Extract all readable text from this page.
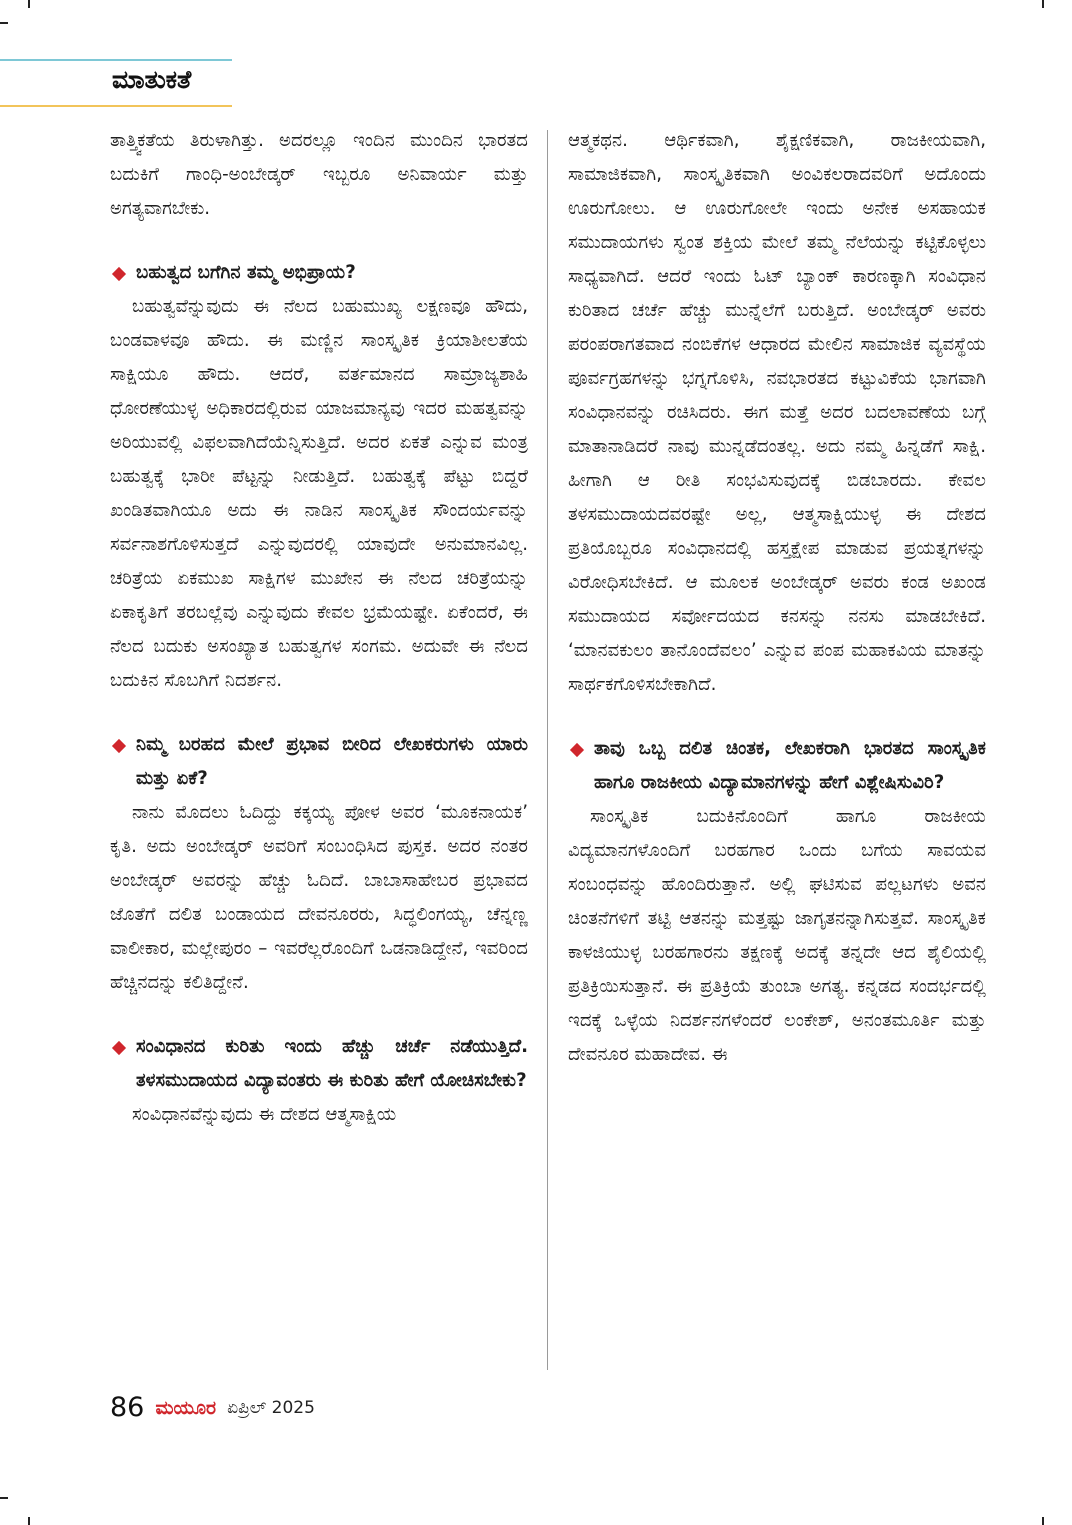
ಮಾತುಕತೆ

ತಾತ್ತ್ವಿಕತೆಯ ತಿರುಳಾಗಿತ್ತು. ಅದರಲ್ಲೂ ಇಂದಿನ ಮುಂದಿನ ಭಾರತದ ಬದುಕಿಗೆ ಗಾಂಧಿ-ಅಂಬೇಡ್ಕರ್ ಇಬ್ಬರೂ ಅನಿವಾರ್ಯ ಮತ್ತು ಅಗತ್ಯವಾಗಬೇಕು.

ಬಹುತ್ವದ ಬಗೆಗಿನ ತಮ್ಮ ಅಭಿಪ್ರಾಯ?

ಬಹುತ್ವವೆನ್ನುವುದು ಈ ನೆಲದ ಬಹುಮುಖ್ಯ ಲಕ್ಷಣವೂ ಹೌದು, ಬಂಡವಾಳವೂ ಹೌದು. ಈ ಮಣ್ಣಿನ ಸಾಂಸ್ಕೃತಿಕ ಕ್ರಿಯಾಶೀಲತೆಯ ಸಾಕ್ಷಿಯೂ ಹೌದು. ಆದರೆ, ವರ್ತಮಾನದ ಸಾಮ್ರಾಜ್ಯಶಾಹಿ ಧೋರಣೆಯುಳ್ಳ ಅಧಿಕಾರದಲ್ಲಿರುವ ಯಾಜಮಾನ್ಯವು ಇದರ ಮಹತ್ವವನ್ನು ಅರಿಯುವಲ್ಲಿ ವಿಫಲವಾಗಿದೆಯೆನ್ನಿಸುತ್ತಿದೆ. ಅದರ ಏಕತೆ ಎನ್ನುವ ಮಂತ್ರ ಬಹುತ್ವಕ್ಕೆ ಭಾರೀ ಪೆಟ್ಟನ್ನು ನೀಡುತ್ತಿದೆ. ಬಹುತ್ವಕ್ಕೆ ಪೆಟ್ಟು ಬಿದ್ದರೆ ಖಂಡಿತವಾಗಿಯೂ ಅದು ಈ ನಾಡಿನ ಸಾಂಸ್ಕೃತಿಕ ಸೌಂದರ್ಯವನ್ನು ಸರ್ವನಾಶಗೊಳಿಸುತ್ತದೆ ಎನ್ನುವುದರಲ್ಲಿ ಯಾವುದೇ ಅನುಮಾನವಿಲ್ಲ. ಚರಿತ್ರೆಯ ಏಕಮುಖ ಸಾಕ್ಷಿಗಳ ಮುಖೇನ ಈ ನೆಲದ ಚರಿತ್ರೆಯನ್ನು ಏಕಾಕೃತಿಗೆ ತರಬಲ್ಲೆವು ಎನ್ನುವುದು ಕೇವಲ ಭ್ರಮೆಯಷ್ಟೇ. ಏಕೆಂದರೆ, ಈ ನೆಲದ ಬದುಕು ಅಸಂಖ್ಯಾತ ಬಹುತ್ವಗಳ ಸಂಗಮ. ಅದುವೇ ಈ ನೆಲದ ಬದುಕಿನ ಸೊಬಗಿಗೆ ನಿದರ್ಶನ.

ನಿಮ್ಮ ಬರಹದ ಮೇಲೆ ಪ್ರಭಾವ ಬೀರಿದ ಲೇಖಕರುಗಳು ಯಾರು ಮತ್ತು ಏಕೆ?

ನಾನು ಮೊದಲು ಓದಿದ್ದು ಕಕ್ಕಯ್ಯ ಪೋಳ ಅವರ ‘ಮೂಕನಾಯಕ’ ಕೃತಿ. ಅದು ಅಂಬೇಡ್ಕರ್ ಅವರಿಗೆ ಸಂಬಂಧಿಸಿದ ಪುಸ್ತಕ. ಅದರ ನಂತರ ಅಂಬೇಡ್ಕರ್ ಅವರನ್ನು ಹೆಚ್ಚು ಓದಿದೆ. ಬಾಬಾಸಾಹೇಬರ ಪ್ರಭಾವದ ಜೊತೆಗೆ ದಲಿತ ಬಂಡಾಯದ ದೇವನೂರರು, ಸಿದ್ಧಲಿಂಗಯ್ಯ, ಚೆನ್ನಣ್ಣ ವಾಲೀಕಾರ, ಮಲ್ಲೇಪುರಂ – ಇವರೆಲ್ಲರೊಂದಿಗೆ ಒಡನಾಡಿದ್ದೇನೆ, ಇವರಿಂದ ಹೆಚ್ಚಿನದನ್ನು ಕಲಿತಿದ್ದೇನೆ.

ಸಂವಿಧಾನದ ಕುರಿತು ಇಂದು ಹೆಚ್ಚು ಚರ್ಚೆ ನಡೆಯುತ್ತಿದೆ. ತಳಸಮುದಾಯದ ವಿದ್ಯಾವಂತರು ಈ ಕುರಿತು ಹೇಗೆ ಯೋಚಿಸಬೇಕು?

ಸಂವಿಧಾನವೆನ್ನುವುದು ಈ ದೇಶದ ಆತ್ಮಸಾಕ್ಷಿಯ

ಆತ್ಮಕಥನ. ಆರ್ಥಿಕವಾಗಿ, ಶೈಕ್ಷಣಿಕವಾಗಿ, ರಾಜಕೀಯವಾಗಿ, ಸಾಮಾಜಿಕವಾಗಿ, ಸಾಂಸ್ಕೃತಿಕವಾಗಿ ಅಂವಿಕಲರಾದವರಿಗೆ ಅದೊಂದು ಊರುಗೋಲು. ಆ ಊರುಗೋಲೇ ಇಂದು ಅನೇಕ ಅಸಹಾಯಕ ಸಮುದಾಯಗಳು ಸ್ವಂತ ಶಕ್ತಿಯ ಮೇಲೆ ತಮ್ಮ ನೆಲೆಯನ್ನು ಕಟ್ಟಿಕೊಳ್ಳಲು ಸಾಧ್ಯವಾಗಿದೆ. ಆದರೆ ಇಂದು ಓಟ್ ಬ್ಯಾಂಕ್ ಕಾರಣಕ್ಕಾಗಿ ಸಂವಿಧಾನ ಕುರಿತಾದ ಚರ್ಚೆ ಹೆಚ್ಚು ಮುನ್ನೆಲೆಗೆ ಬರುತ್ತಿದೆ. ಅಂಬೇಡ್ಕರ್ ಅವರು ಪರಂಪರಾಗತವಾದ ನಂಬಿಕೆಗಳ ಆಧಾರದ ಮೇಲಿನ ಸಾಮಾಜಿಕ ವ್ಯವಸ್ಥೆಯ ಪೂರ್ವಗ್ರಹಗಳನ್ನು ಭಗ್ನಗೊಳಿಸಿ, ನವಭಾರತದ ಕಟ್ಟುವಿಕೆಯ ಭಾಗವಾಗಿ ಸಂವಿಧಾನವನ್ನು ರಚಿಸಿದರು. ಈಗ ಮತ್ತೆ ಅದರ ಬದಲಾವಣೆಯ ಬಗ್ಗೆ ಮಾತಾನಾಡಿದರೆ ನಾವು ಮುನ್ನಡೆದಂತಲ್ಲ. ಅದು ನಮ್ಮ ಹಿನ್ನಡೆಗೆ ಸಾಕ್ಷಿ. ಹೀಗಾಗಿ ಆ ರೀತಿ ಸಂಭವಿಸುವುದಕ್ಕೆ ಬಿಡಬಾರದು. ಕೇವಲ ತಳಸಮುದಾಯದವರಷ್ಟೇ ಅಲ್ಲ, ಆತ್ಮಸಾಕ್ಷಿಯುಳ್ಳ ಈ ದೇಶದ ಪ್ರತಿಯೊಬ್ಬರೂ ಸಂವಿಧಾನದಲ್ಲಿ ಹಸ್ತಕ್ಷೇಪ ಮಾಡುವ ಪ್ರಯತ್ನಗಳನ್ನು ವಿರೋಧಿಸಬೇಕಿದೆ. ಆ ಮೂಲಕ ಅಂಬೇಡ್ಕರ್ ಅವರು ಕಂಡ ಅಖಂಡ ಸಮುದಾಯದ ಸರ್ವೋದಯದ ಕನಸನ್ನು ನನಸು ಮಾಡಬೇಕಿದೆ. ‘ಮಾನವಕುಲಂ ತಾನೊಂದೆವಲಂ’ ಎನ್ನುವ ಪಂಪ ಮಹಾಕವಿಯ ಮಾತನ್ನು ಸಾರ್ಥಕಗೊಳಿಸಬೇಕಾಗಿದೆ.

ತಾವು ಒಬ್ಬ ದಲಿತ ಚಿಂತಕ, ಲೇಖಕರಾಗಿ ಭಾರತದ ಸಾಂಸ್ಕೃತಿಕ ಹಾಗೂ ರಾಜಕೀಯ ವಿದ್ಯಾಮಾನಗಳನ್ನು ಹೇಗೆ ವಿಶ್ಲೇಷಿಸುವಿರಿ?

ಸಾಂಸ್ಕೃತಿಕ ಬದುಕಿನೊಂದಿಗೆ ಹಾಗೂ ರಾಜಕೀಯ ವಿದ್ಯಮಾನಗಳೊಂದಿಗೆ ಬರಹಗಾರ ಒಂದು ಬಗೆಯ ಸಾವಯವ ಸಂಬಂಧವನ್ನು ಹೊಂದಿರುತ್ತಾನೆ. ಅಲ್ಲಿ ಘಟಿಸುವ ಪಲ್ಲಟಗಳು ಅವನ ಚಿಂತನೆಗಳಿಗೆ ತಟ್ಟಿ ಆತನನ್ನು ಮತ್ತಷ್ಟು ಜಾಗೃತನನ್ನಾಗಿಸುತ್ತವೆ. ಸಾಂಸ್ಕೃತಿಕ ಕಾಳಜಿಯುಳ್ಳ ಬರಹಗಾರನು ತಕ್ಷಣಕ್ಕೆ ಅದಕ್ಕೆ ತನ್ನದೇ ಆದ ಶೈಲಿಯಲ್ಲಿ ಪ್ರತಿಕ್ರಿಯಿಸುತ್ತಾನೆ. ಈ ಪ್ರತಿಕ್ರಿಯೆ ತುಂಬಾ ಅಗತ್ಯ. ಕನ್ನಡದ ಸಂದರ್ಭದಲ್ಲಿ ಇದಕ್ಕೆ ಒಳ್ಳೆಯ ನಿದರ್ಶನಗಳೆಂದರೆ ಲಂಕೇಶ್, ಅನಂತಮೂರ್ತಿ ಮತ್ತು ದೇವನೂರ ಮಹಾದೇವ. ಈ

86 ಮಯೂರ ಏಪ್ರಿಲ್ 2025
